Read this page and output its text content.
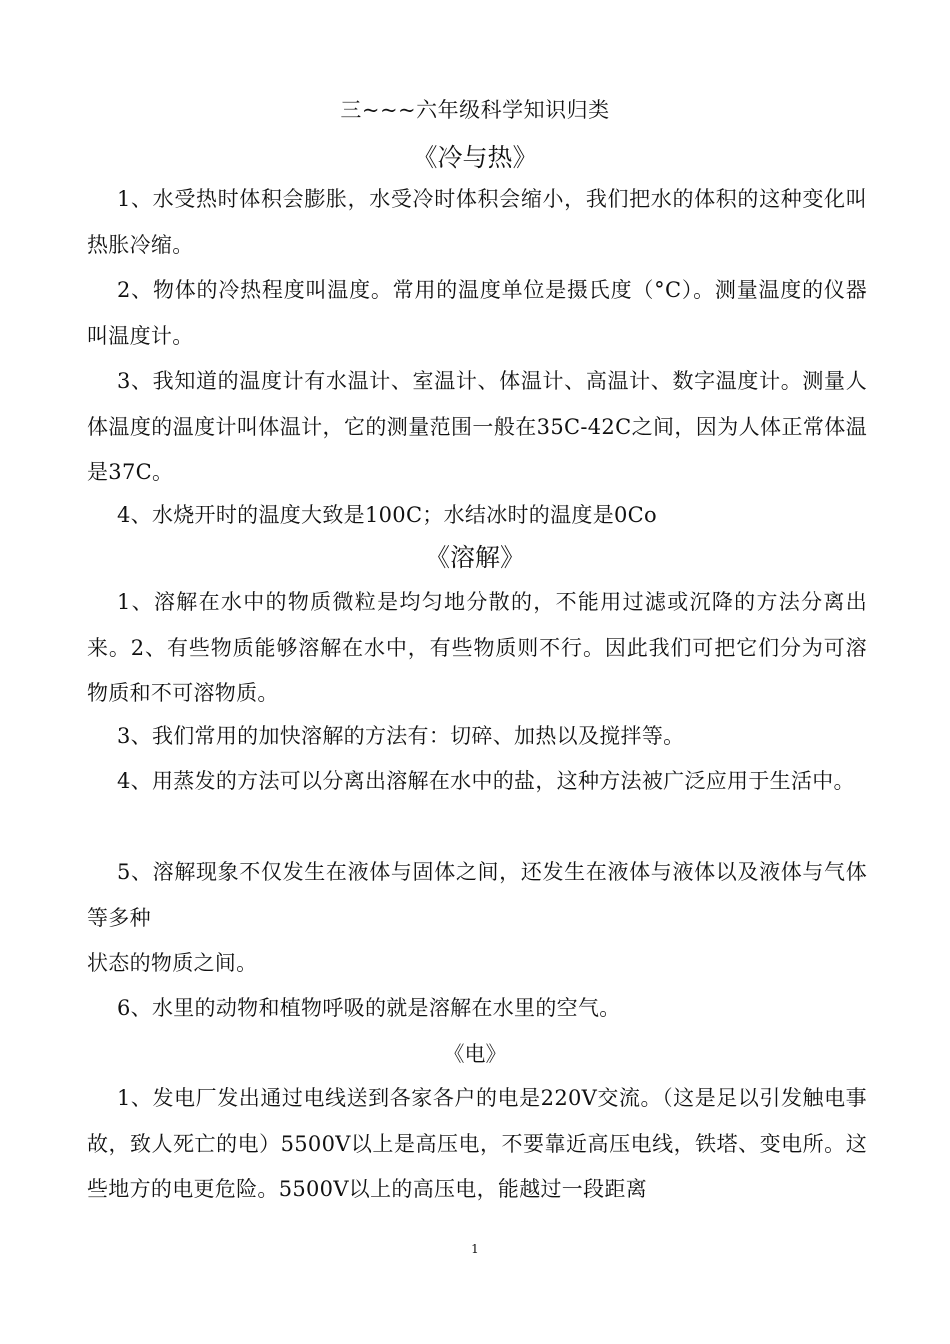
三~~~六年级科学知识归类
《冷与热》
1、水受热时体积会膨胀，水受冷时体积会缩小，我们把水的体积的这种变化叫热胀冷缩。
2、物体的冷热程度叫温度。常用的温度单位是摄氏度（°C）。测量温度的仪器叫温度计。
3、我知道的温度计有水温计、室温计、体温计、高温计、数字温度计。测量人体温度的温度计叫体温计，它的测量范围一般在35C-42C之间，因为人体正常体温是37C。
4、水烧开时的温度大致是100C；水结冰时的温度是0Co
《溶解》
1、溶解在水中的物质微粒是均匀地分散的，不能用过滤或沉降的方法分离出来。2、有些物质能够溶解在水中，有些物质则不行。因此我们可把它们分为可溶物质和不可溶物质。
3、我们常用的加快溶解的方法有：切碎、加热以及搅拌等。
4、用蒸发的方法可以分离出溶解在水中的盐，这种方法被广泛应用于生活中。
5、溶解现象不仅发生在液体与固体之间，还发生在液体与液体以及液体与气体等多种
状态的物质之间。
6、水里的动物和植物呼吸的就是溶解在水里的空气。
《电》
1、发电厂发出通过电线送到各家各户的电是220V交流。（这是足以引发触电事故，致人死亡的电）5500V以上是高压电，不要靠近高压电线，铁塔、变电所。这些地方的电更危险。5500V以上的高压电，能越过一段距离
1
